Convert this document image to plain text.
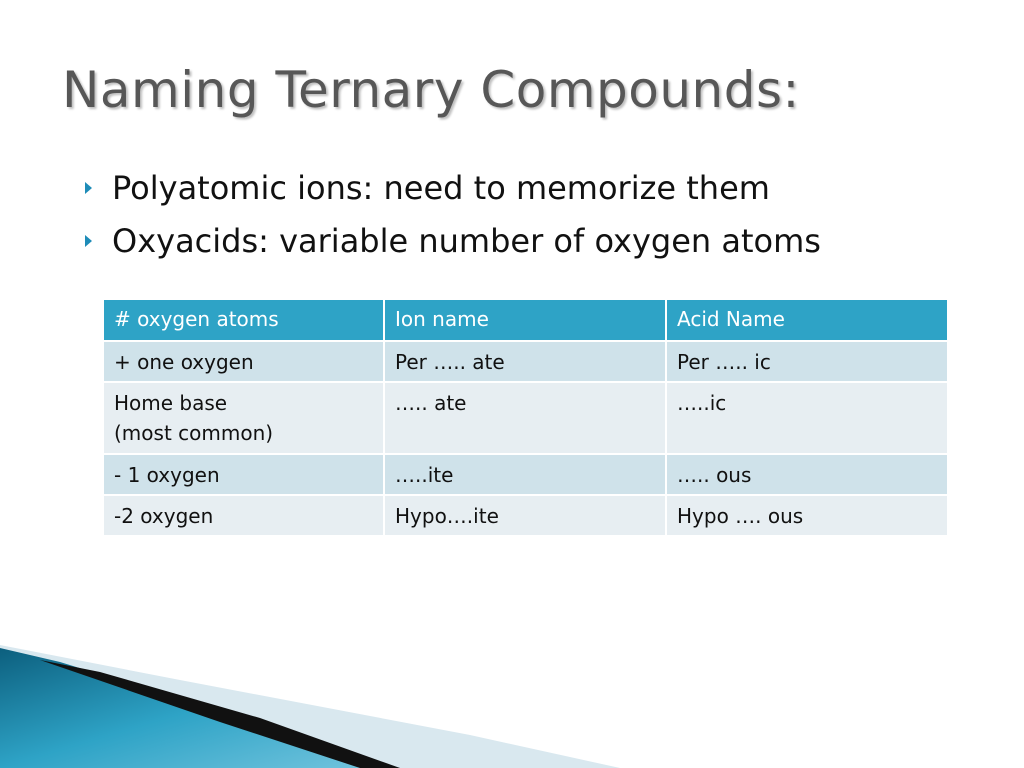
Naming Ternary Compounds:
Polyatomic ions: need to memorize them
Oxyacids: variable number of oxygen atoms
# oxygen atoms	Ion name	Acid Name
+ one oxygen	Per ….. ate	Per ….. ic
Home base
(most common)	….. ate	…..ic
- 1 oxygen	…..ite	….. ous
-2 oxygen	Hypo….ite	Hypo …. ous
